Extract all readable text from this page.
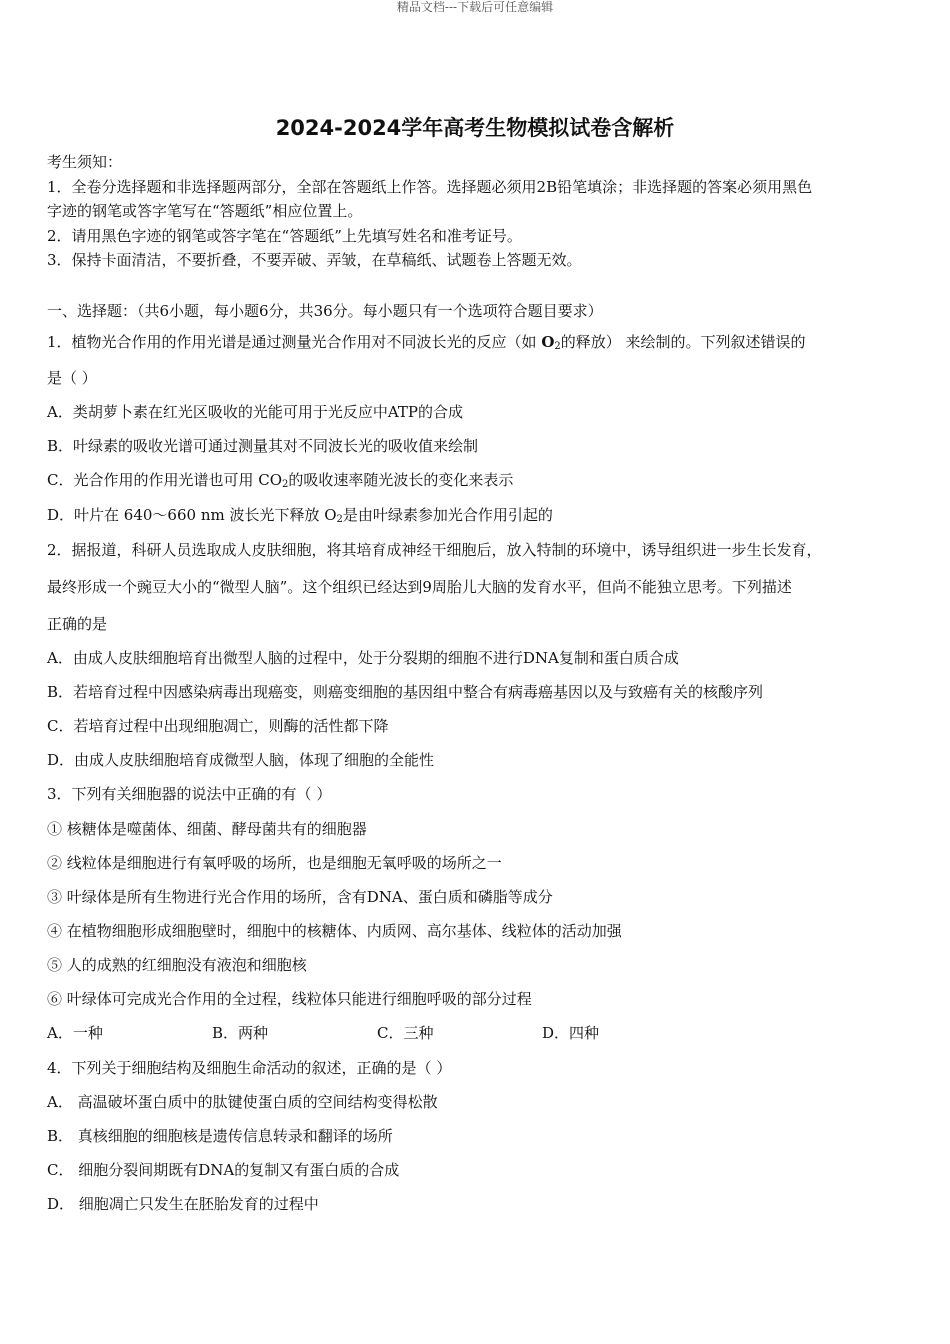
精品文档---下载后可任意编辑
2024-2024学年高考生物模拟试卷含解析
考生须知：
1．全卷分选择题和非选择题两部分，全部在答题纸上作答。选择题必须用2B铅笔填涂；非选择题的答案必须用黑色
字迹的钢笔或答字笔写在“答题纸”相应位置上。
2．请用黑色字迹的钢笔或答字笔在“答题纸”上先填写姓名和准考证号。
3．保持卡面清洁，不要折叠，不要弄破、弄皱，在草稿纸、试题卷上答题无效。
一、选择题：（共6小题，每小题6分，共36分。每小题只有一个选项符合题目要求）
1．植物光合作用的作用光谱是通过测量光合作用对不同波长光的反应（如 $O_2$的释放） 来绘制的。下列叙述错误的
是（ ）
A．类胡萝卜素在红光区吸收的光能可用于光反应中ATP的合成
B．叶绿素的吸收光谱可通过测量其对不同波长光的吸收值来绘制
C．光合作用的作用光谱也可用 $CO_2$的吸收速率随光波长的变化来表示
D．叶片在 640～660 nm 波长光下释放 $O_2$是由叶绿素参加光合作用引起的
2．据报道，科研人员选取成人皮肤细胞，将其培育成神经干细胞后，放入特制的环境中，诱导组织进一步生长发育，
最终形成一个豌豆大小的“微型人脑”。这个组织已经达到9周胎儿大脑的发育水平，但尚不能独立思考。下列描述
正确的是
A．由成人皮肤细胞培育出微型人脑的过程中，处于分裂期的细胞不进行DNA复制和蛋白质合成
B．若培育过程中因感染病毒出现癌变，则癌变细胞的基因组中整合有病毒癌基因以及与致癌有关的核酸序列
C．若培育过程中出现细胞凋亡，则酶的活性都下降
D．由成人皮肤细胞培育成微型人脑，体现了细胞的全能性
3．下列有关细胞器的说法中正确的有（ ）
① 核糖体是噬菌体、细菌、酵母菌共有的细胞器
② 线粒体是细胞进行有氧呼吸的场所，也是细胞无氧呼吸的场所之一
③ 叶绿体是所有生物进行光合作用的场所，含有DNA、蛋白质和磷脂等成分
④ 在植物细胞形成细胞壁时，细胞中的核糖体、内质网、高尔基体、线粒体的活动加强
⑤ 人的成熟的红细胞没有液泡和细胞核
⑥ 叶绿体可完成光合作用的全过程，线粒体只能进行细胞呼吸的部分过程
A．一种	B．两种	C．三种	D．四种
4．下列关于细胞结构及细胞生命活动的叙述，正确的是（ ）
A． 高温破坏蛋白质中的肽键使蛋白质的空间结构变得松散
B． 真核细胞的细胞核是遗传信息转录和翻译的场所
C． 细胞分裂间期既有DNA的复制又有蛋白质的合成
D． 细胞凋亡只发生在胚胎发育的过程中
